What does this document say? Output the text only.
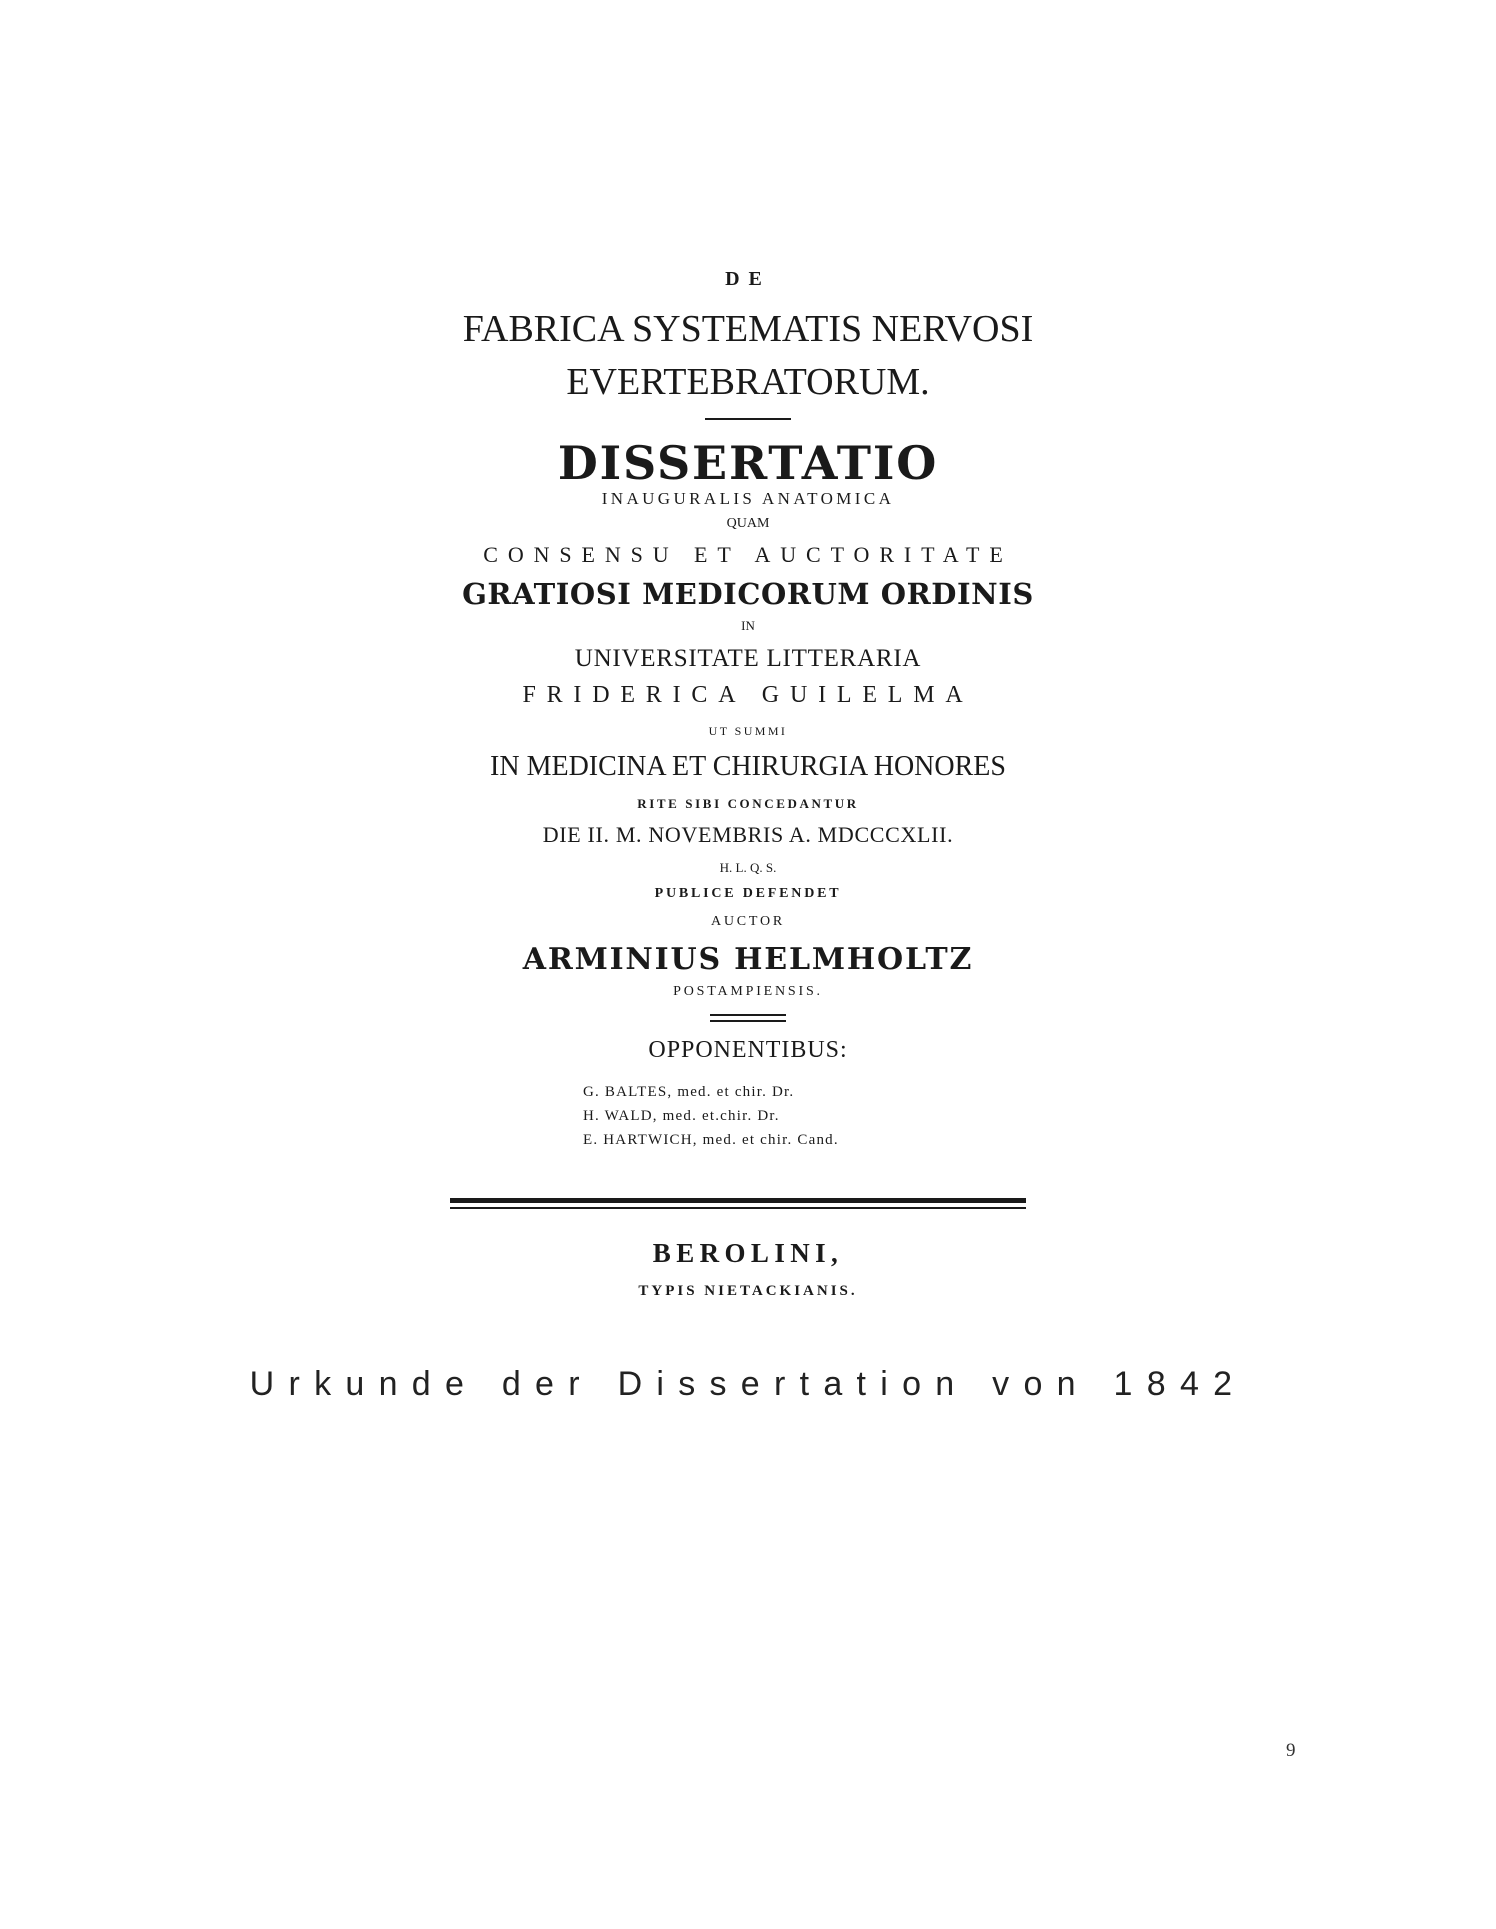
DE
FABRICA SYSTEMATIS NERVOSI
EVERTEBRATORUM.
DISSERTATIO
INAUGURALIS ANATOMICA
QUAM
CONSENSU ET AUCTORITATE
GRATIOSI MEDICORUM ORDINIS
IN
UNIVERSITATE LITTERARIA
FRIDERICA GUILELMA
UT SUMMI
IN MEDICINA ET CHIRURGIA HONORES
RITE SIBI CONCEDANTUR
DIE II. M. NOVEMBRIS A. MDCCCXLII.
H. L. Q. S.
PUBLICE DEFENDET
AUCTOR
ARMINIUS HELMHOLTZ
POSTAMPIENSIS.
OPPONENTIBUS:
G. BALTES, med. et chir. Dr.
H. WALD, med. et.chir. Dr.
E. HARTWICH, med. et chir. Cand.
BEROLINI,
TYPIS NIETACKIANIS.
Urkunde der Dissertation von 1842
9
